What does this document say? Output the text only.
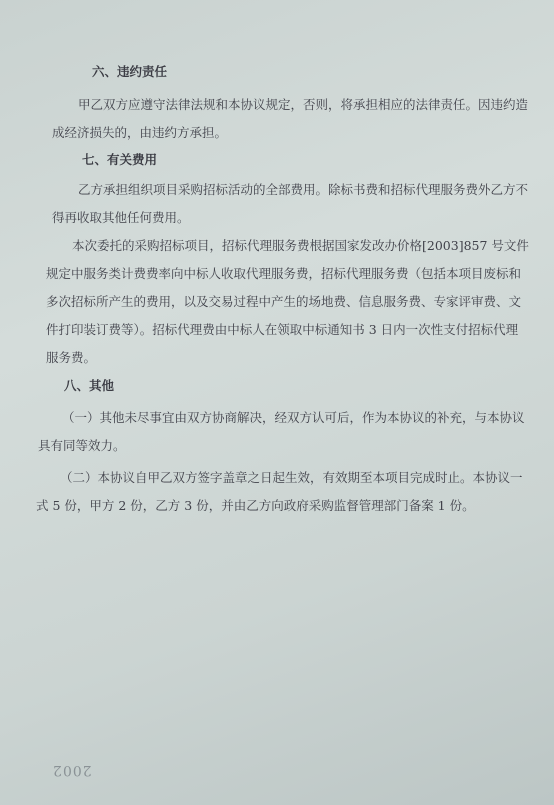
六、违约责任
甲乙双方应遵守法律法规和本协议规定，否则，将承担相应的法律责任。因违约造
成经济损失的，由违约方承担。
七、有关费用
乙方承担组织项目采购招标活动的全部费用。除标书费和招标代理服务费外乙方不
得再收取其他任何费用。
本次委托的采购招标项目，招标代理服务费根据国家发改办价格[2003]857 号文件
规定中服务类计费费率向中标人收取代理服务费，招标代理服务费（包括本项目废标和
多次招标所产生的费用，以及交易过程中产生的场地费、信息服务费、专家评审费、文
件打印装订费等）。招标代理费由中标人在领取中标通知书 3 日内一次性支付招标代理
服务费。
八、其他
（一）其他未尽事宜由双方协商解决，经双方认可后，作为本协议的补充，与本协议
具有同等效力。
（二）本协议自甲乙双方签字盖章之日起生效，有效期至本项目完成时止。本协议一
式 5 份，甲方 2 份，乙方 3 份，并由乙方向政府采购监督管理部门备案 1 份。
2002
